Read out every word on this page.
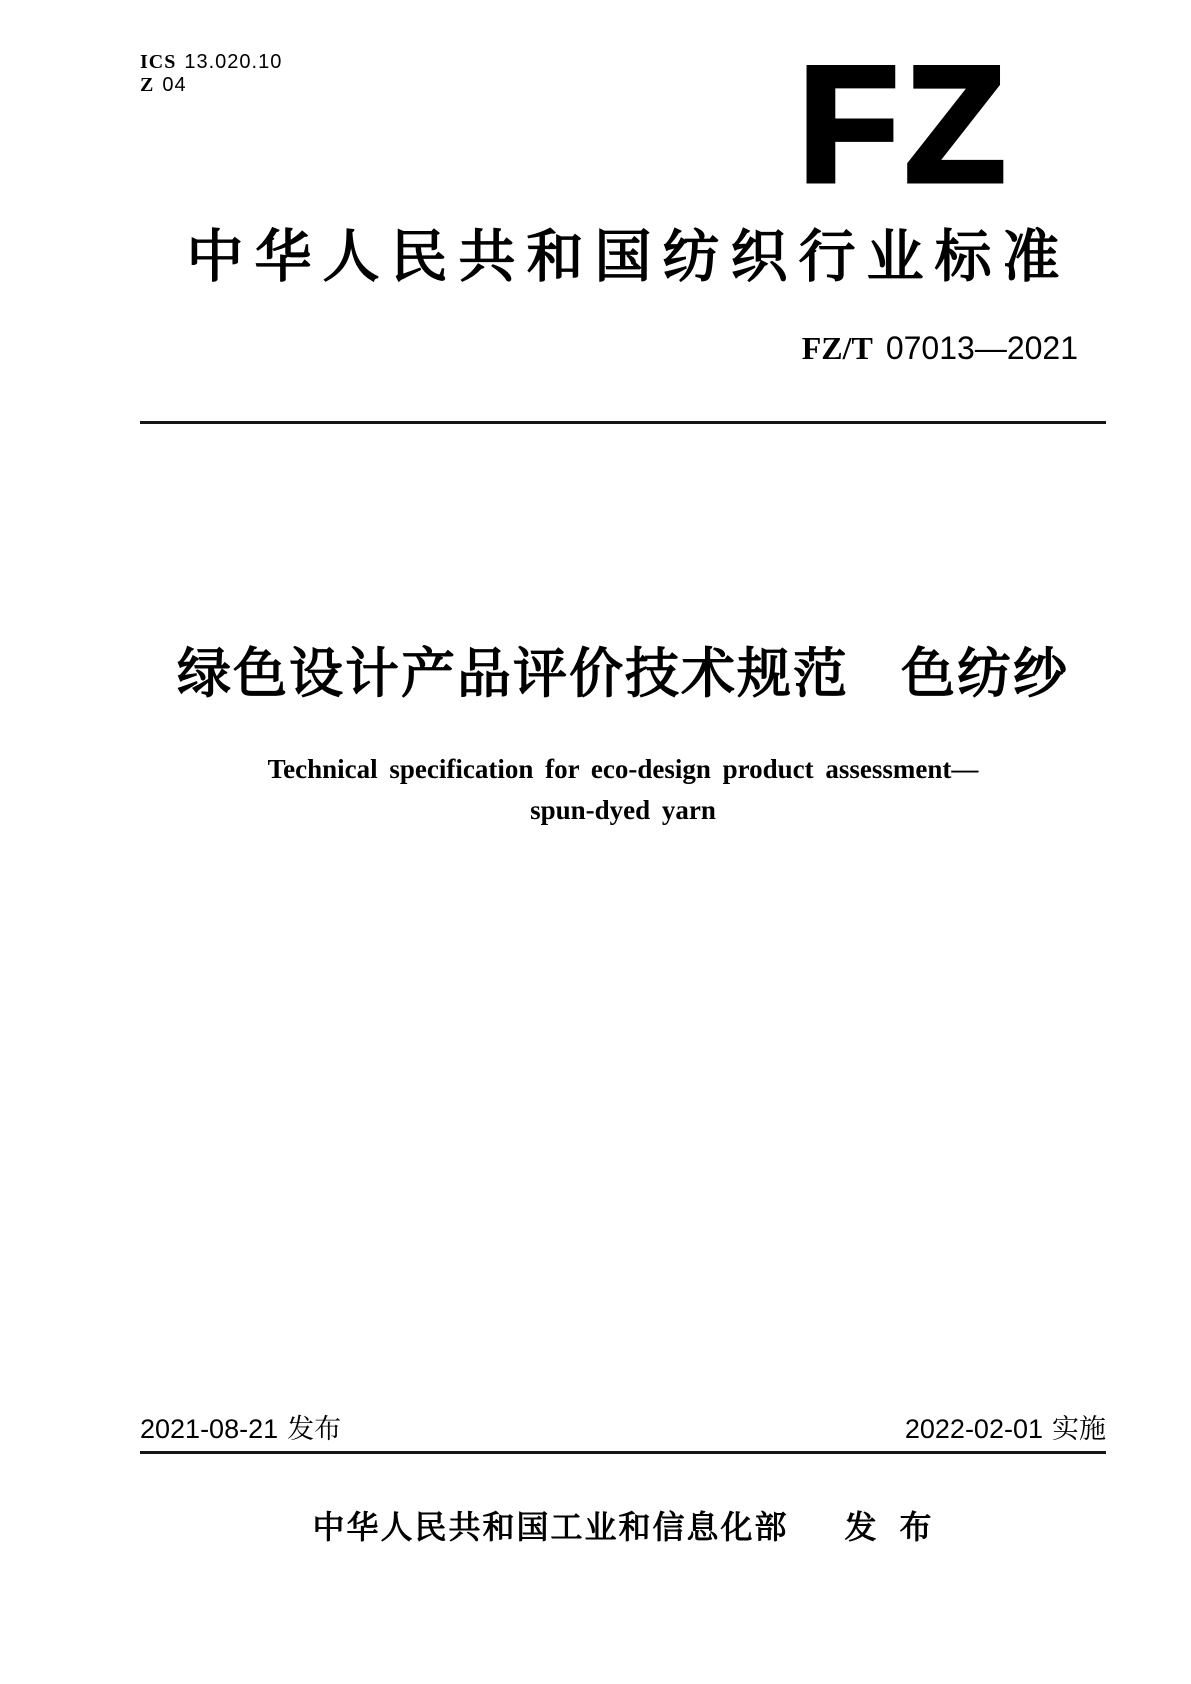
ICS 13.020.10
Z 04	FZ
中华人民共和国纺织行业标准
FZ/T 07013—2021
绿色设计产品评价技术规范 色纺纱
Technical specification for eco-design product assessment—
spun-dyed yarn
2021-08-21 发布	2022-02-01 实施
中华人民共和国工业和信息化部 发 布
